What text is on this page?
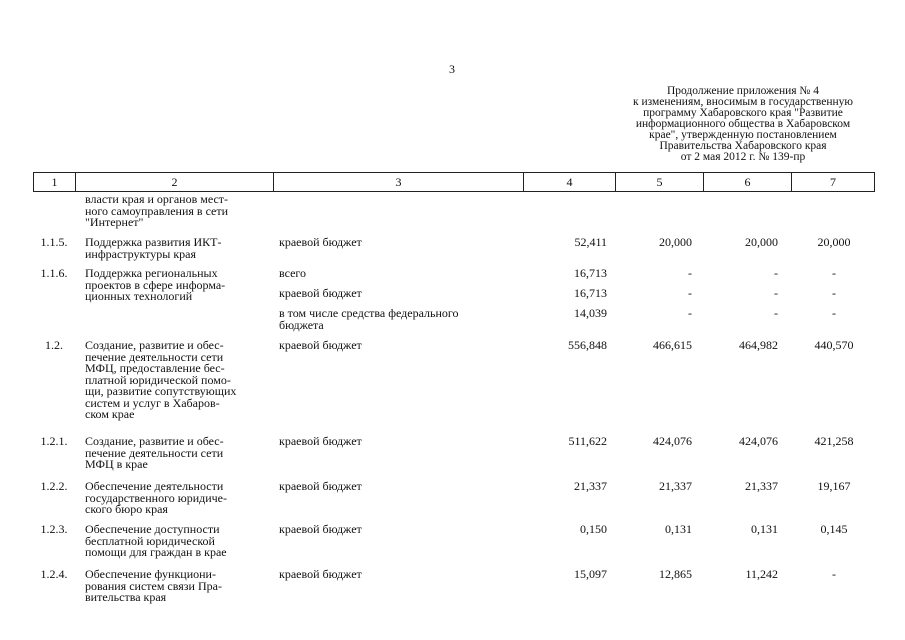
3
Продолжение приложения № 4
к изменениям, вносимым в государственную
программу Хабаровского края "Развитие
информационного общества в Хабаровском
крае", утвержденную постановлением
Правительства Хабаровского края
от 2 мая 2012 г. № 139-пр
1	2	3	4	5	6	7
власти края и органов мест-
ного самоуправления в сети
"Интернет"
1.1.5.	Поддержка развития ИКТ-
инфраструктуры края
краевой бюджет	52,411	20,000	20,000	20,000
1.1.6.	Поддержка региональных
проектов в сфере информа-
ционных технологий
всего	16,713	-	-	-
краевой бюджет	16,713	-	-	-
в том числе средства федерального
бюджета
14,039	-	-	-
1.2.	Создание, развитие и обес-
печение деятельности сети
МФЦ, предоставление бес-
платной юридической помо-
щи, развитие сопутствующих
систем и услуг в Хабаров-
ском крае
краевой бюджет	556,848	466,615	464,982	440,570
1.2.1.	Создание, развитие и обес-
печение деятельности сети
МФЦ в крае
краевой бюджет	511,622	424,076	424,076	421,258
1.2.2.	Обеспечение деятельности
государственного юридиче-
ского бюро края
краевой бюджет	21,337	21,337	21,337	19,167
1.2.3.	Обеспечение доступности
бесплатной юридической
помощи для граждан в крае
краевой бюджет	0,150	0,131	0,131	0,145
1.2.4.	Обеспечение функциони-
рования систем связи Пра-
вительства края
краевой бюджет	15,097	12,865	11,242	-
